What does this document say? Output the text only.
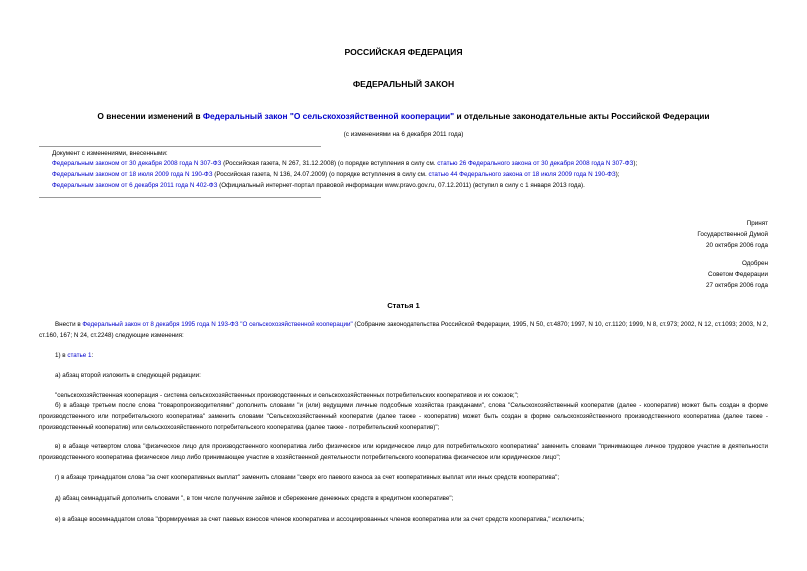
РОССИЙСКАЯ ФЕДЕРАЦИЯ
ФЕДЕРАЛЬНЫЙ ЗАКОН
О внесении изменений в Федеральный закон "О сельскохозяйственной кооперации" и отдельные законодательные акты Российской Федерации
(с изменениями на 6 декабря 2011 года)
Документ с изменениями, внесенными:
Федеральным законом от 30 декабря 2008 года N 307-ФЗ (Российская газета, N 267, 31.12.2008) (о порядке вступления в силу см. статью 26 Федерального закона от 30 декабря 2008 года N 307-ФЗ);
Федеральным законом от 18 июля 2009 года N 190-ФЗ (Российская газета, N 136, 24.07.2009) (о порядке вступления в силу см. статью 44 Федерального закона от 18 июля 2009 года N 190-ФЗ);
Федеральным законом от 6 декабря 2011 года N 402-ФЗ (Официальный интернет-портал правовой информации www.pravo.gov.ru, 07.12.2011) (вступил в силу с 1 января 2013 года).
Принят
Государственной Думой
20 октября 2006 года
Одобрен
Советом Федерации
27 октября 2006 года
Статья 1
Внести в Федеральный закон от 8 декабря 1995 года N 193-ФЗ "О сельскохозяйственной кооперации" (Собрание законодательства Российской Федерации, 1995, N 50, ст.4870; 1997, N 10, ст.1120; 1999, N 8, ст.973; 2002, N 12, ст.1093; 2003, N 2, ст.160, 167; N 24, ст.2248) следующие изменения:
1) в статье 1:
а) абзац второй изложить в следующей редакции:
"сельскохозяйственная кооперация - система сельскохозяйственных производственных и сельскохозяйственных потребительских кооперативов и их союзов;";
б) в абзаце третьем после слова "товаропроизводителями" дополнить словами "и (или) ведущими личные подсобные хозяйства гражданами", слова "Сельскохозяйственный кооператив (далее - кооператив) может быть создан в форме производственного или потребительского кооператива" заменить словами "Сельскохозяйственный кооператив (далее также - кооператив) может быть создан в форме сельскохозяйственного производственного кооператива (далее также - производственный кооператив) или сельскохозяйственного потребительского кооператива (далее также - потребительский кооператив)";
в) в абзаце четвертом слова "физическое лицо для производственного кооператива либо физическое или юридическое лицо для потребительского кооператива" заменить словами "принимающее личное трудовое участие в деятельности производственного кооператива физическое лицо либо принимающее участие в хозяйственной деятельности потребительского кооператива физическое или юридическое лицо";
г) в абзаце тринадцатом слова "за счет кооперативных выплат" заменить словами "сверх его паевого взноса за счет кооперативных выплат или иных средств кооператива";
д) абзац семнадцатый дополнить словами ", в том числе получение займов и сбережение денежных средств в кредитном кооперативе";
е) в абзаце восемнадцатом слова "формируемая за счет паевых взносов членов кооператива и ассоциированных членов кооператива или за счет средств кооператива," исключить;
